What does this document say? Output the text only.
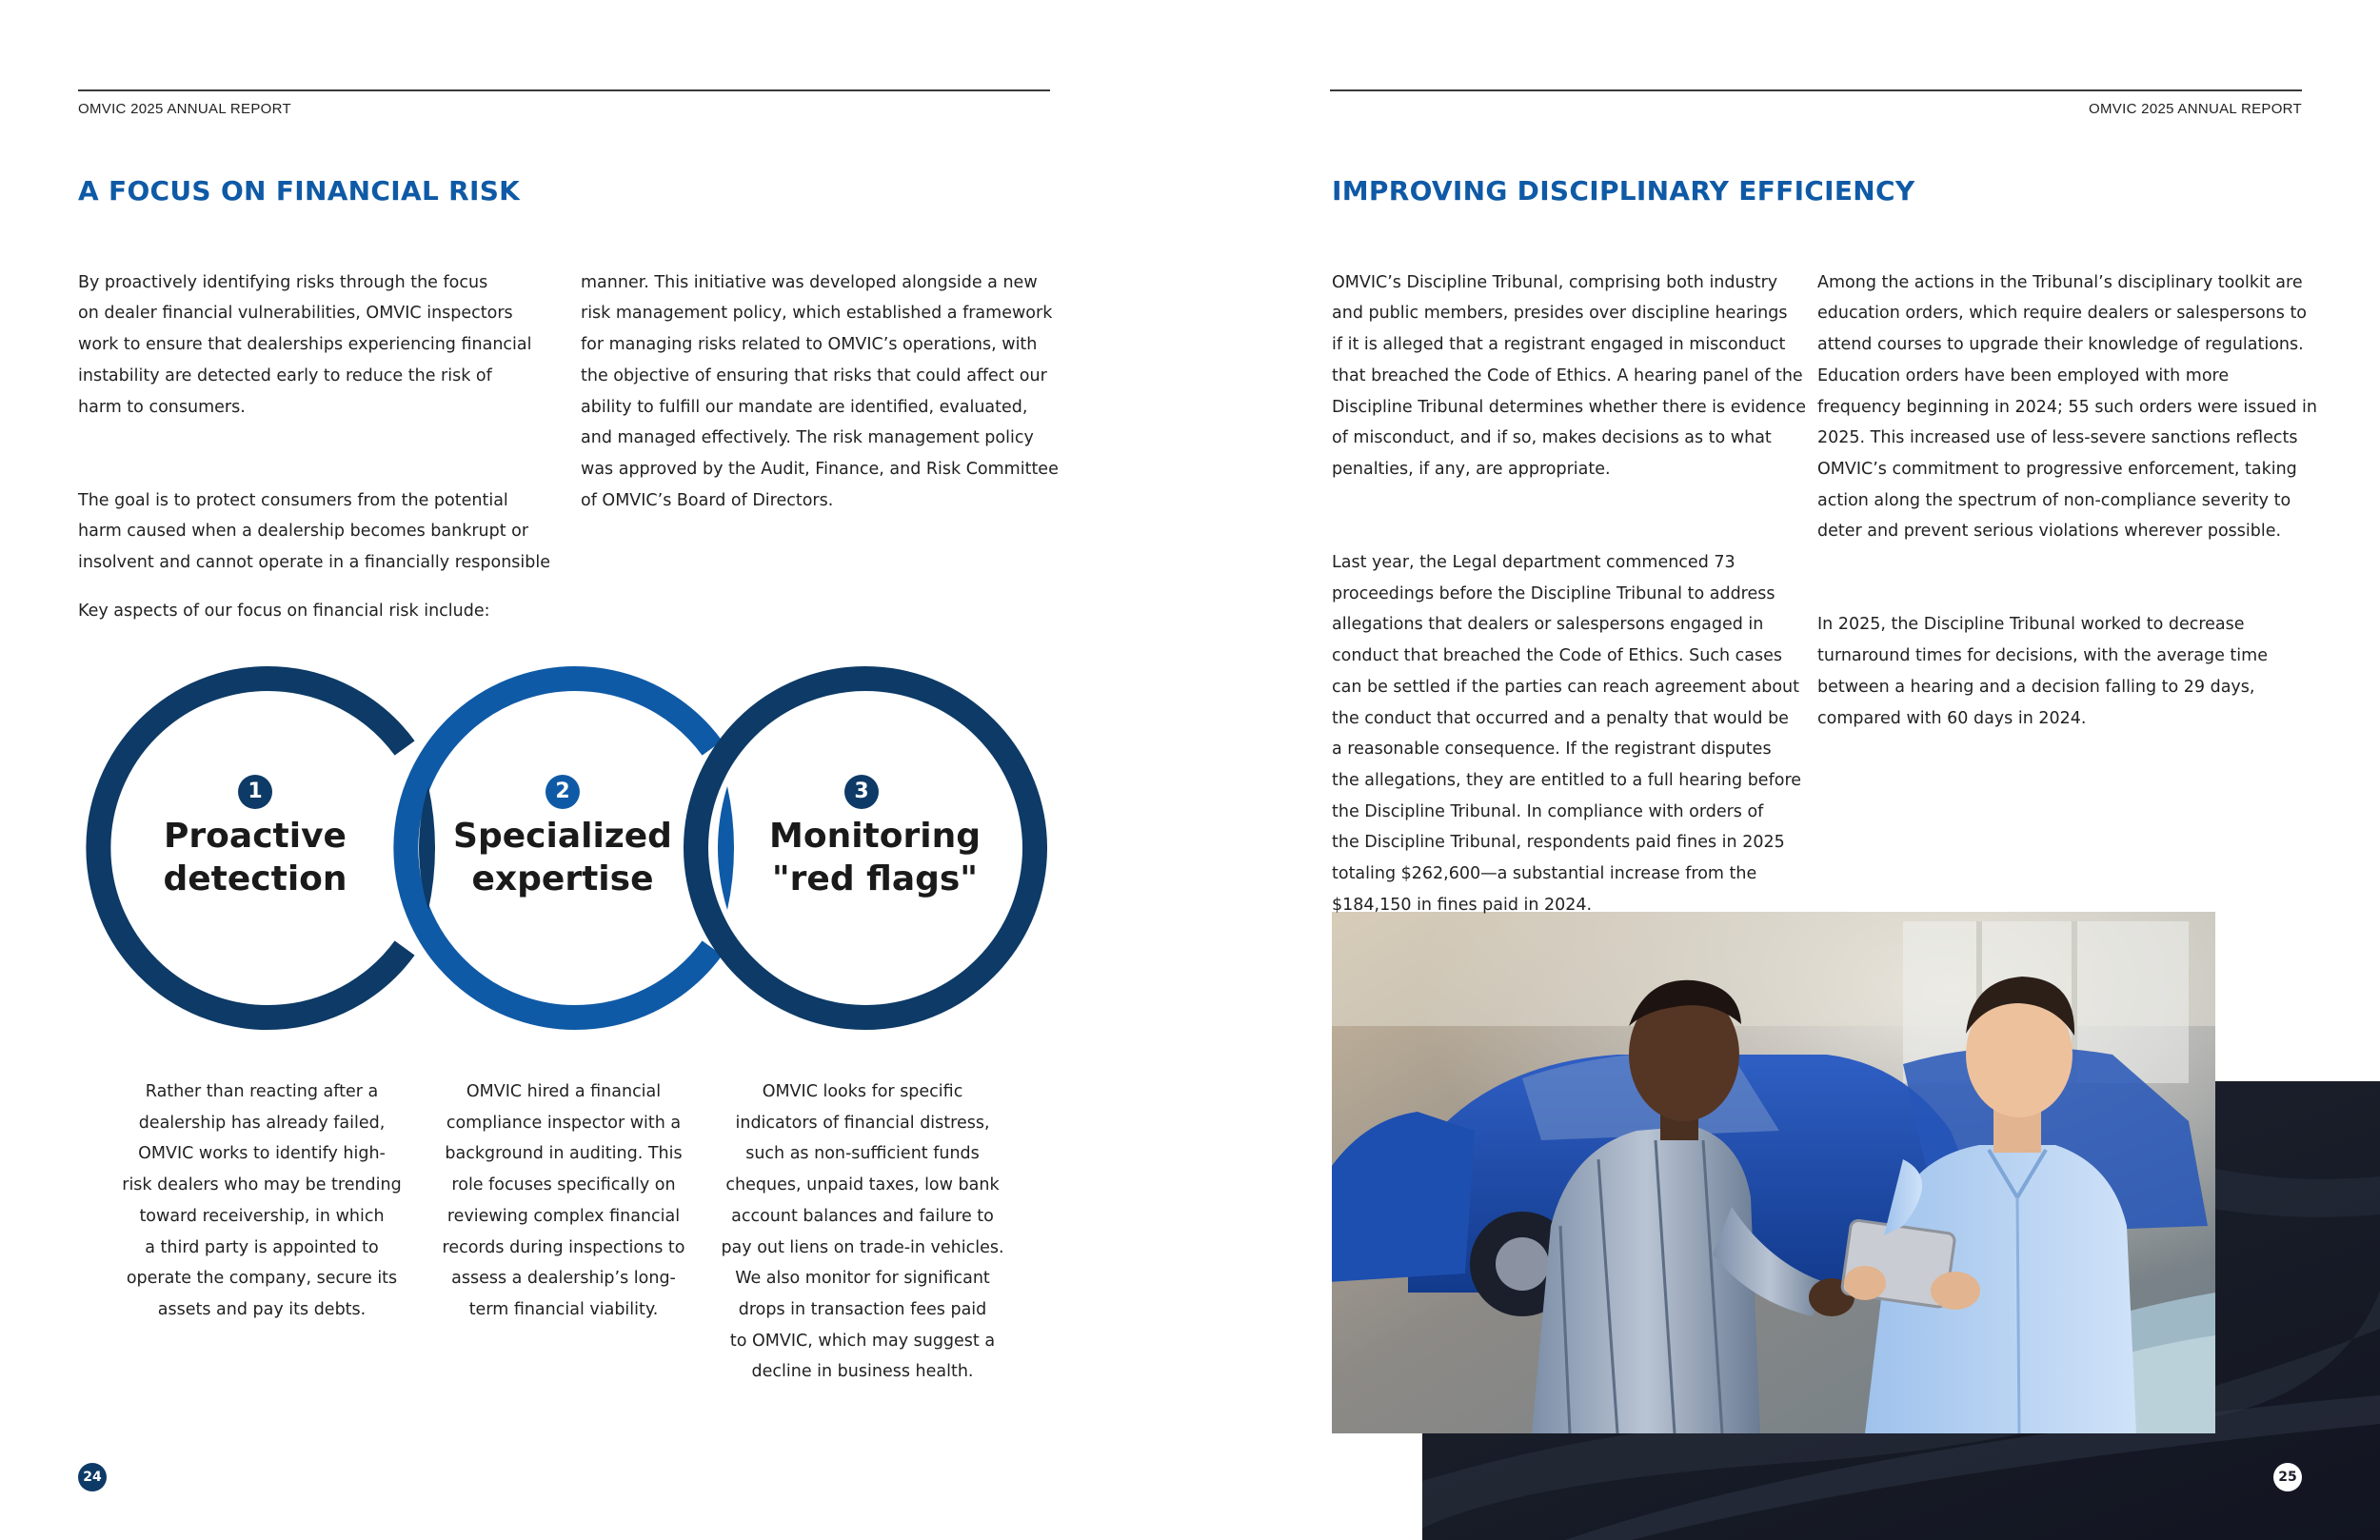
OMVIC 2025 ANNUAL REPORT
A FOCUS ON FINANCIAL RISK

By proactively identifying risks through the focus
on dealer financial vulnerabilities, OMVIC inspectors
work to ensure that dealerships experiencing financial
instability are detected early to reduce the risk of
harm to consumers.

The goal is to protect consumers from the potential
harm caused when a dealership becomes bankrupt or
insolvent and cannot operate in a financially responsible

manner. This initiative was developed alongside a new
risk management policy, which established a framework
for managing risks related to OMVIC’s operations, with
the objective of ensuring that risks that could affect our
ability to fulfill our mandate are identified, evaluated,
and managed effectively. The risk management policy
was approved by the Audit, Finance, and Risk Committee
of OMVIC’s Board of Directors.

Key aspects of our focus on financial risk include:
1
Proactive
detection
2
Specialized
expertise
3
Monitoring
"red flags"
Rather than reacting after a
dealership has already failed,
OMVIC works to identify high-
risk dealers who may be trending
toward receivership, in which
a third party is appointed to
operate the company, secure its
assets and pay its debts.
OMVIC hired a financial
compliance inspector with a
background in auditing. This
role focuses specifically on
reviewing complex financial
records during inspections to
assess a dealership’s long-
term financial viability.
OMVIC looks for specific
indicators of financial distress,
such as non-sufficient funds
cheques, unpaid taxes, low bank
account balances and failure to
pay out liens on trade-in vehicles.
We also monitor for significant
drops in transaction fees paid
to OMVIC, which may suggest a
decline in business health.
24
OMVIC 2025 ANNUAL REPORT
IMPROVING DISCIPLINARY EFFICIENCY

OMVIC’s Discipline Tribunal, comprising both industry
and public members, presides over discipline hearings
if it is alleged that a registrant engaged in misconduct
that breached the Code of Ethics. A hearing panel of the
Discipline Tribunal determines whether there is evidence
of misconduct, and if so, makes decisions as to what
penalties, if any, are appropriate.

Last year, the Legal department commenced 73
proceedings before the Discipline Tribunal to address
allegations that dealers or salespersons engaged in
conduct that breached the Code of Ethics. Such cases
can be settled if the parties can reach agreement about
the conduct that occurred and a penalty that would be
a reasonable consequence. If the registrant disputes
the allegations, they are entitled to a full hearing before
the Discipline Tribunal. In compliance with orders of
the Discipline Tribunal, respondents paid fines in 2025
totaling $262,600—a substantial increase from the
$184,150 in fines paid in 2024.

Among the actions in the Tribunal’s disciplinary toolkit are
education orders, which require dealers or salespersons to
attend courses to upgrade their knowledge of regulations.
Education orders have been employed with more
frequency beginning in 2024; 55 such orders were issued in
2025. This increased use of less-severe sanctions reflects
OMVIC’s commitment to progressive enforcement, taking
action along the spectrum of non-compliance severity to
deter and prevent serious violations wherever possible.

In 2025, the Discipline Tribunal worked to decrease
turnaround times for decisions, with the average time
between a hearing and a decision falling to 29 days,
compared with 60 days in 2024.

25
